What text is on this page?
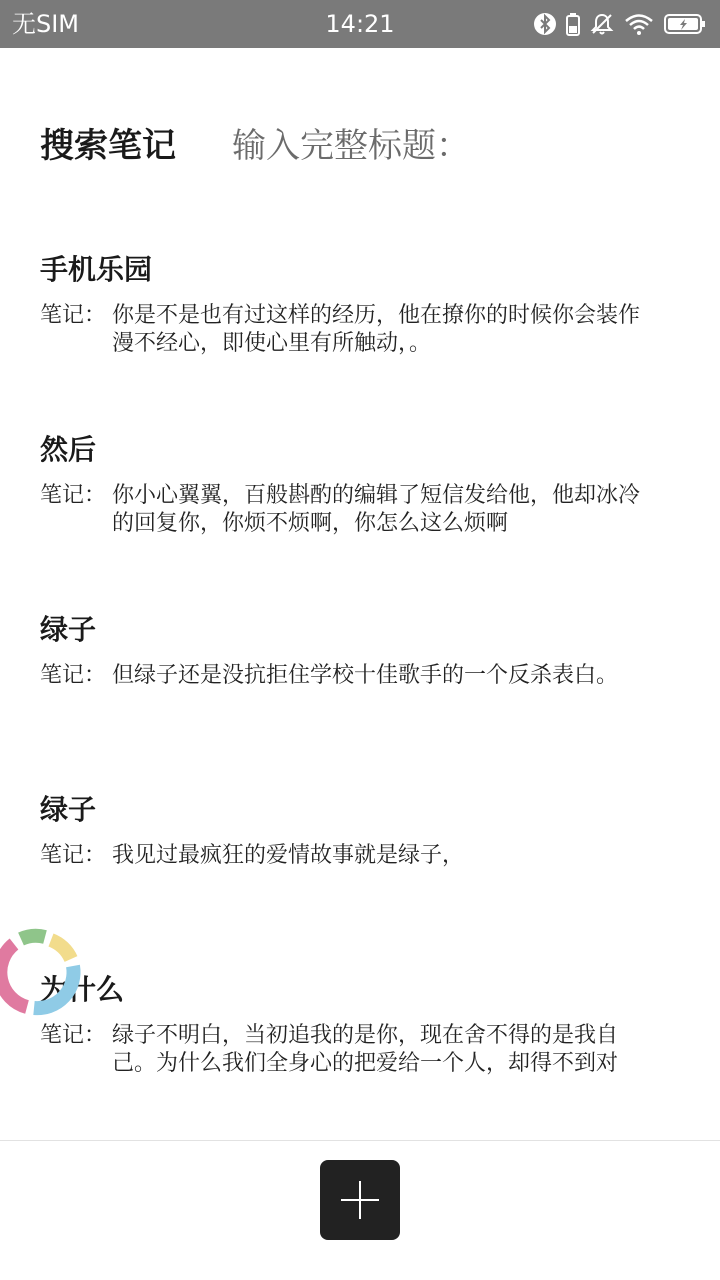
无SIM	14:21
搜索笔记
输入完整标题：
手机乐园
笔记： 你是不是也有过这样的经历，他在撩你的时候你会装作漫不经心，即使心里有所触动，。
然后
笔记： 你小心翼翼，百般斟酌的编辑了短信发给他，他却冰冷的回复你，你烦不烦啊，你怎么这么烦啊
绿子
笔记： 但绿子还是没抗拒住学校十佳歌手的一个反杀表白。
绿子
笔记： 我见过最疯狂的爱情故事就是绿子，
为什么
笔记： 绿子不明白，当初追我的是你，现在舍不得的是我自己。为什么我们全身心的把爱给一个人，却得不到对
